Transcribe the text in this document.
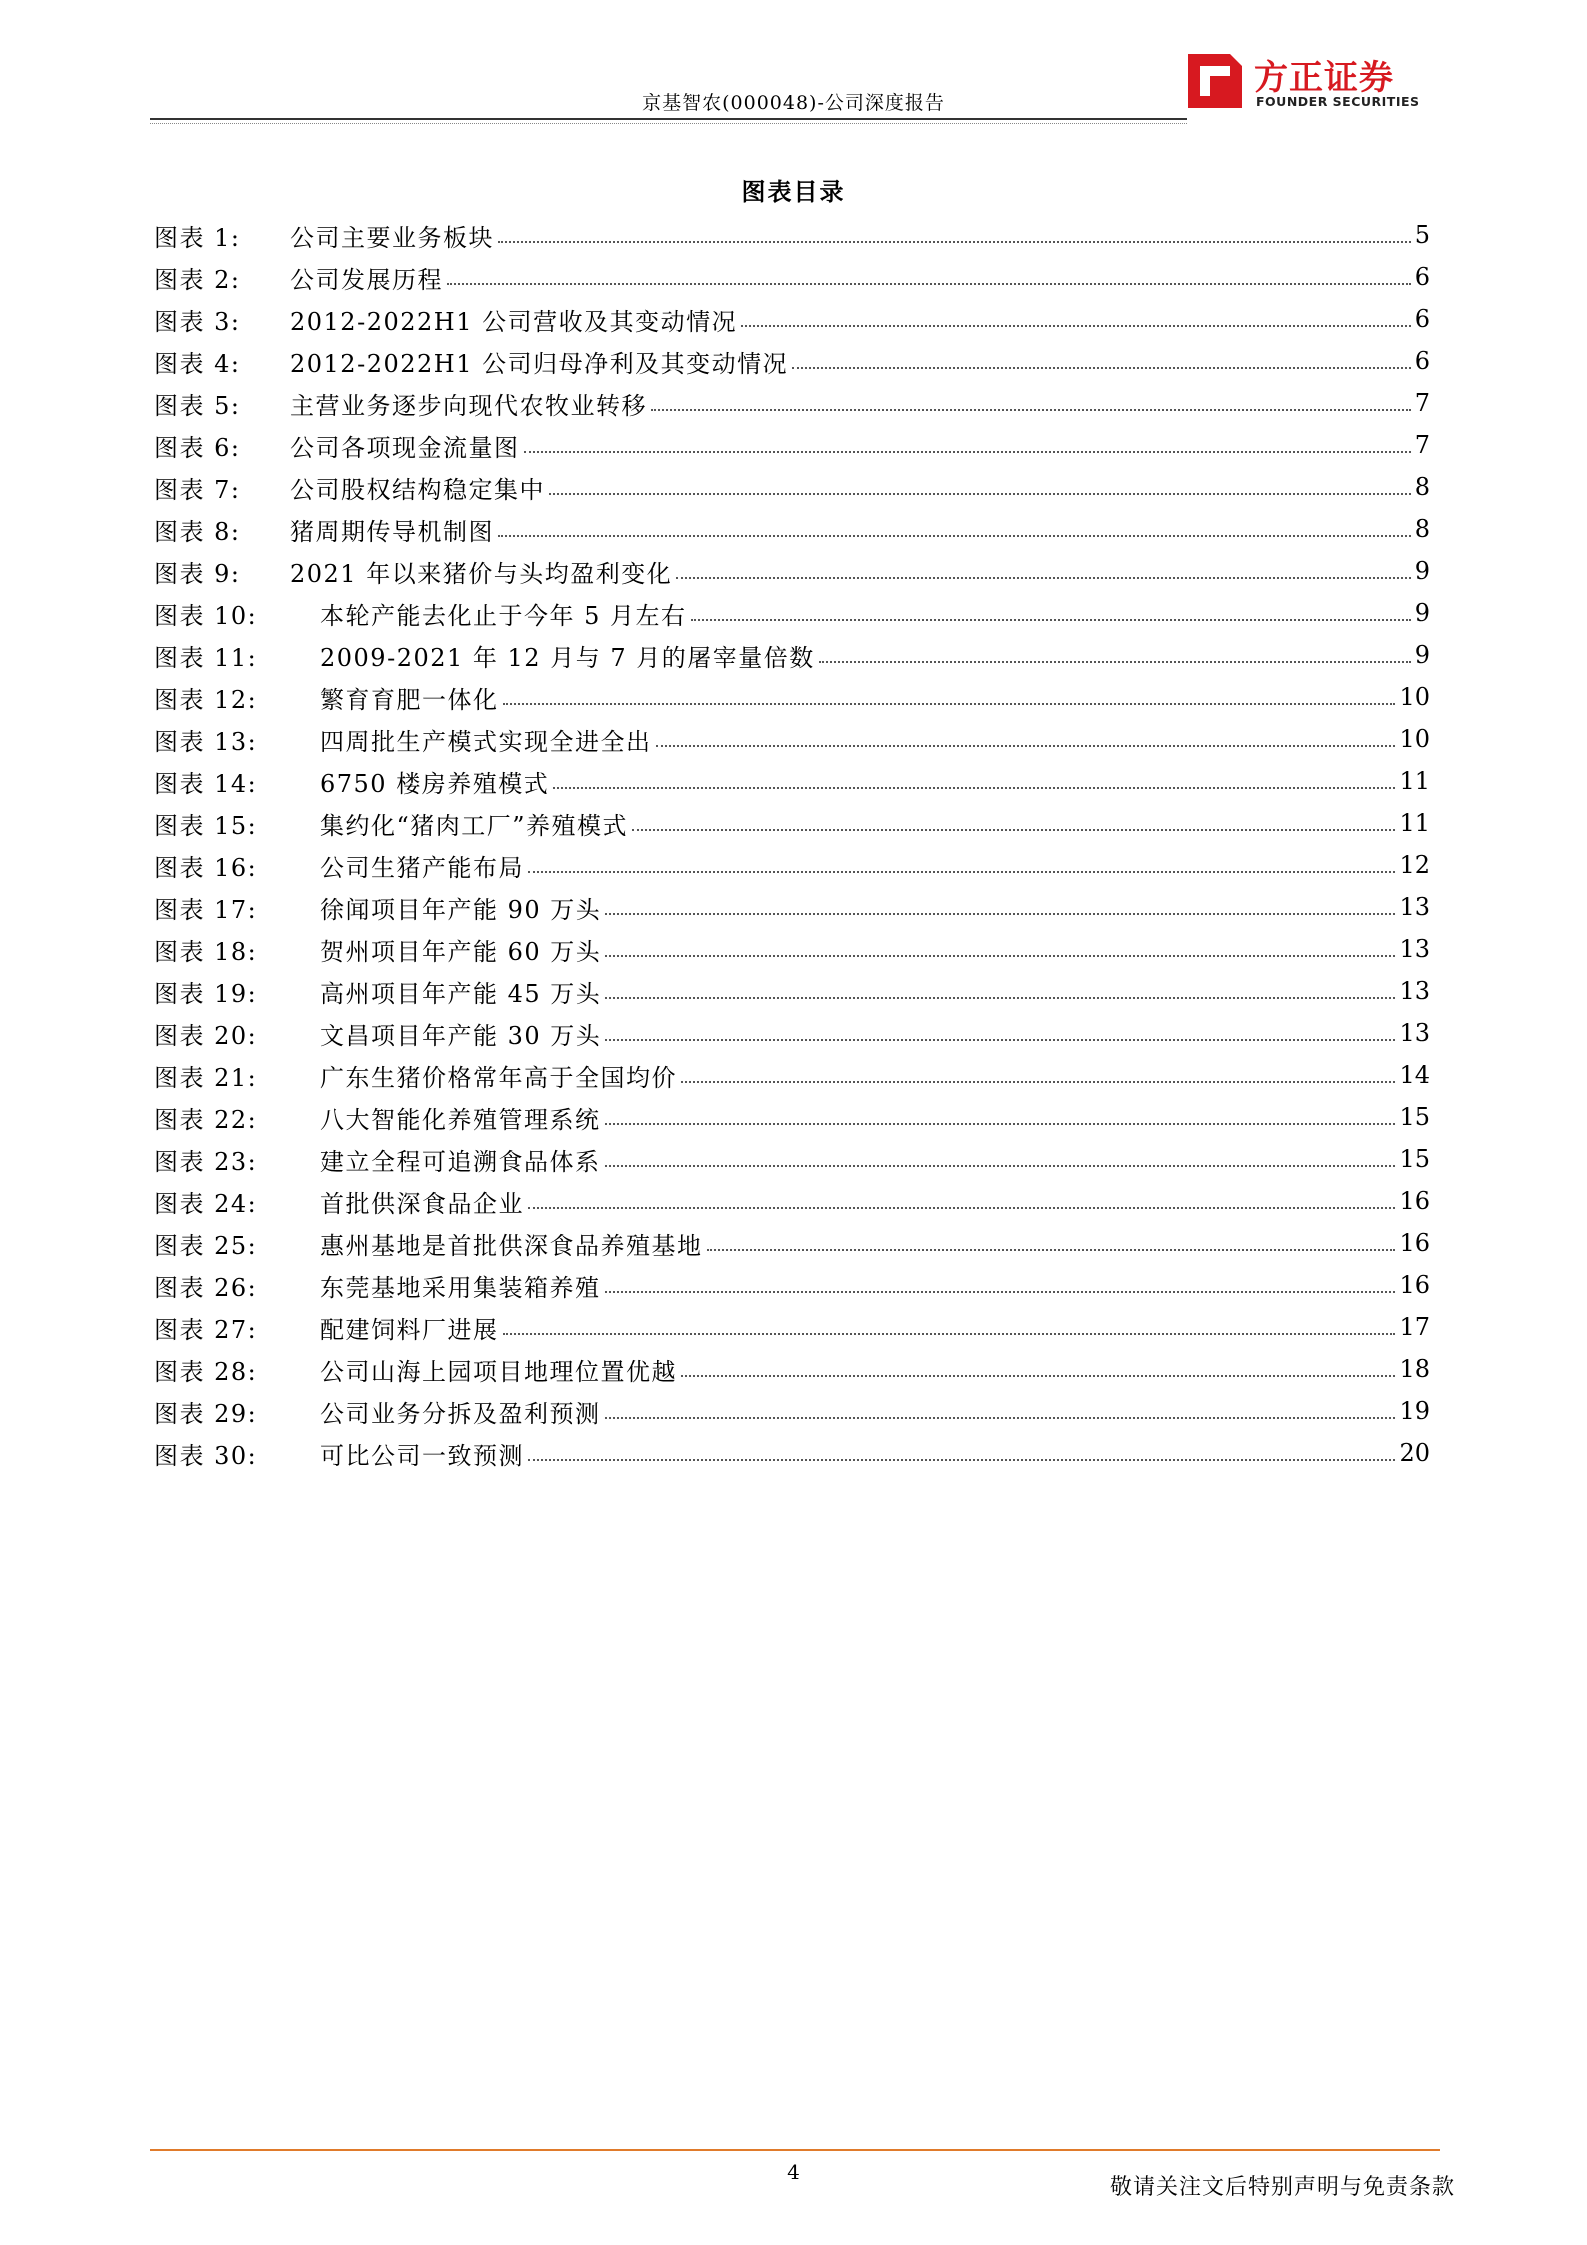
京基智农(000048)-公司深度报告
方正证券
FOUNDER SECURITIES
图表目录
图表 1:	公司主要业务板块	5
图表 2:	公司发展历程	6
图表 3:	2012-2022H1 公司营收及其变动情况	6
图表 4:	2012-2022H1 公司归母净利及其变动情况	6
图表 5:	主营业务逐步向现代农牧业转移	7
图表 6:	公司各项现金流量图	7
图表 7:	公司股权结构稳定集中	8
图表 8:	猪周期传导机制图	8
图表 9:	2021 年以来猪价与头均盈利变化	9
图表 10:	本轮产能去化止于今年 5 月左右	9
图表 11:	2009-2021 年 12 月与 7 月的屠宰量倍数	9
图表 12:	繁育育肥一体化	10
图表 13:	四周批生产模式实现全进全出	10
图表 14:	6750 楼房养殖模式	11
图表 15:	集约化“猪肉工厂”养殖模式	11
图表 16:	公司生猪产能布局	12
图表 17:	徐闻项目年产能 90 万头	13
图表 18:	贺州项目年产能 60 万头	13
图表 19:	高州项目年产能 45 万头	13
图表 20:	文昌项目年产能 30 万头	13
图表 21:	广东生猪价格常年高于全国均价	14
图表 22:	八大智能化养殖管理系统	15
图表 23:	建立全程可追溯食品体系	15
图表 24:	首批供深食品企业	16
图表 25:	惠州基地是首批供深食品养殖基地	16
图表 26:	东莞基地采用集装箱养殖	16
图表 27:	配建饲料厂进展	17
图表 28:	公司山海上园项目地理位置优越	18
图表 29:	公司业务分拆及盈利预测	19
图表 30:	可比公司一致预测	20
4
敬请关注文后特别声明与免责条款
